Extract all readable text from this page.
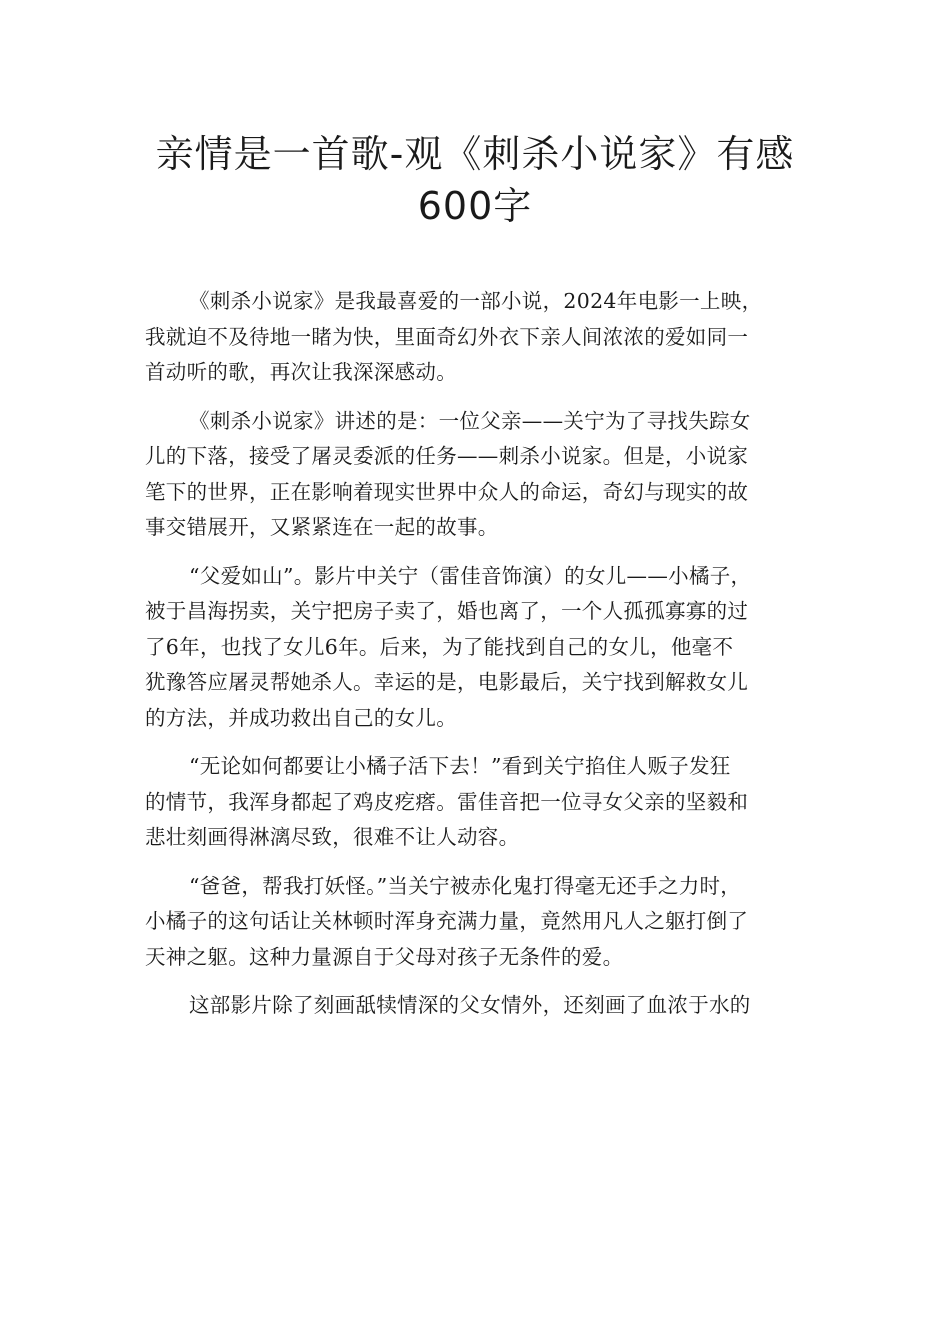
亲情是一首歌-观《刺杀小说家》有感
600字
《刺杀小说家》是我最喜爱的一部小说，2024年电影一上映，
我就迫不及待地一睹为快，里面奇幻外衣下亲人间浓浓的爱如同一
首动听的歌，再次让我深深感动。
《刺杀小说家》讲述的是：一位父亲——关宁为了寻找失踪女
儿的下落，接受了屠灵委派的任务——刺杀小说家。但是，小说家
笔下的世界，正在影响着现实世界中众人的命运，奇幻与现实的故
事交错展开，又紧紧连在一起的故事。
“父爱如山”。影片中关宁（雷佳音饰演）的女儿——小橘子，
被于昌海拐卖，关宁把房子卖了，婚也离了，一个人孤孤寡寡的过
了6年，也找了女儿6年。后来，为了能找到自己的女儿，他毫不
犹豫答应屠灵帮她杀人。幸运的是，电影最后，关宁找到解救女儿
的方法，并成功救出自己的女儿。
“无论如何都要让小橘子活下去！”看到关宁掐住人贩子发狂
的情节，我浑身都起了鸡皮疙瘩。雷佳音把一位寻女父亲的坚毅和
悲壮刻画得淋漓尽致，很难不让人动容。
“爸爸，帮我打妖怪。”当关宁被赤化鬼打得毫无还手之力时，
小橘子的这句话让关林顿时浑身充满力量，竟然用凡人之躯打倒了
天神之躯。这种力量源自于父母对孩子无条件的爱。
这部影片除了刻画舐犊情深的父女情外，还刻画了血浓于水的
